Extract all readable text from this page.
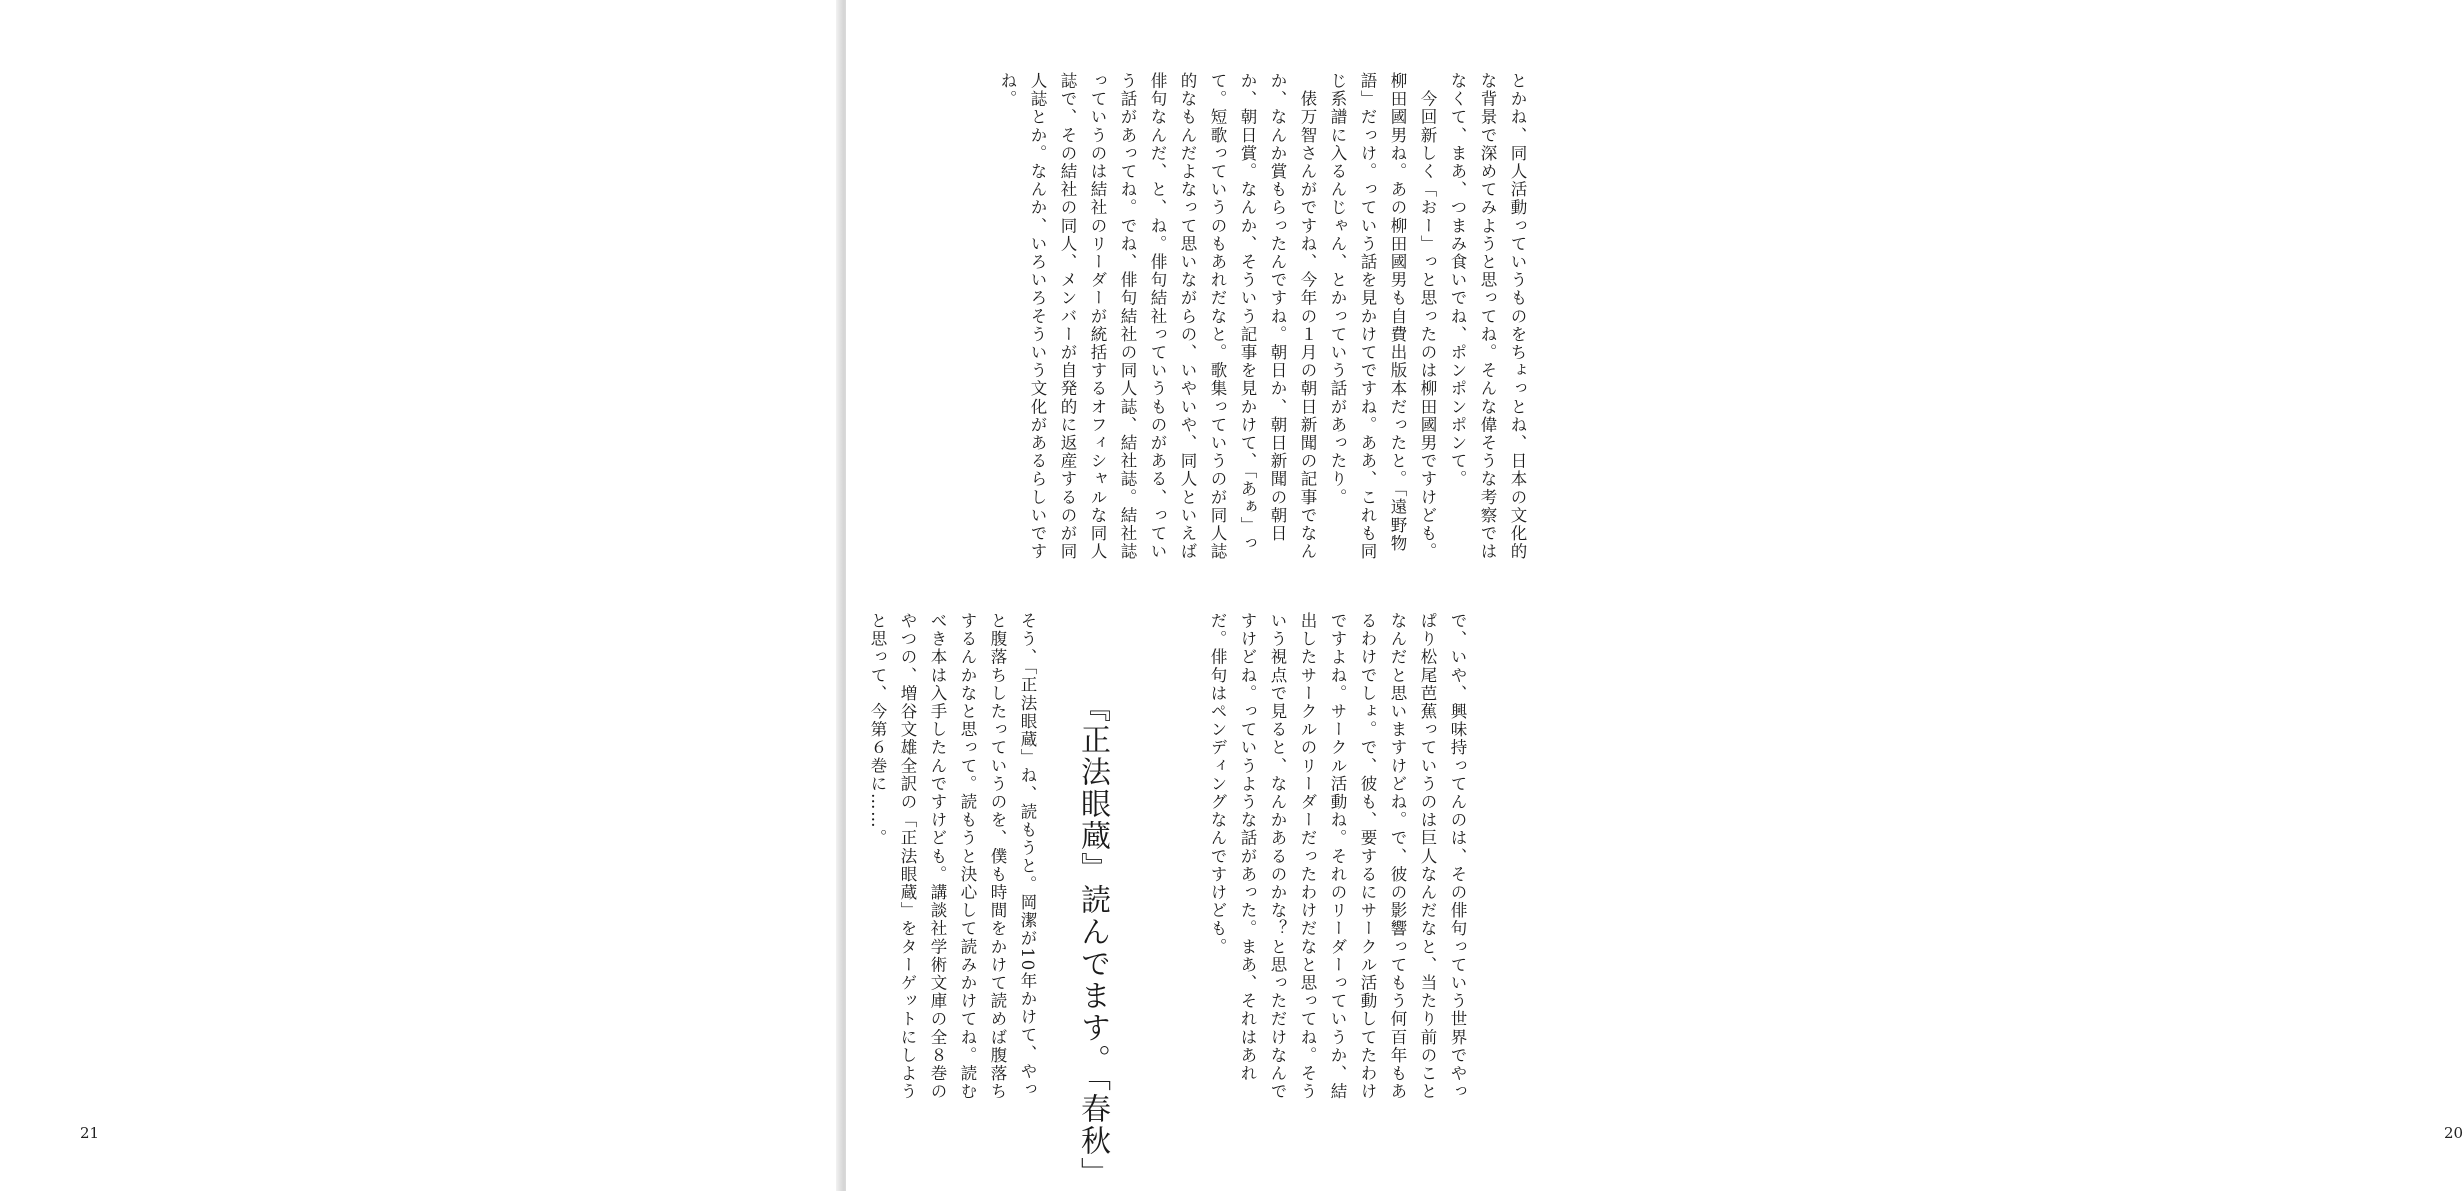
21
とかね、同人活動っていうものをちょっとね、日本の文化的な背景で深めてみようと思ってね。そんな偉そうな考察ではなくて、まあ、つまみ食いでね、ポンポンポンて。
　今回新しく「おー」っと思ったのは柳田國男ですけども。柳田國男ね。あの柳田國男も自費出版本だったと。「遠野物語」だっけ。っていう話を見かけてですね。ああ、これも同じ系譜に入るんじゃん、とかっていう話があったり。
　俵万智さんがですね、今年の１月の朝日新聞の記事でなんか、なんか賞もらったんですね。朝日か、朝日新聞の朝日か、朝日賞。なんか、そういう記事を見かけて、「あぁ」って。短歌っていうのもあれだなと。歌集っていうのが同人誌的なもんだよなって思いながらの、いやいや、同人といえば俳句なんだ、と、ね。俳句結社っていうものがある、っていう話があってね。でね、俳句結社の同人誌、結社誌。結社誌っていうのは結社のリーダーが統括するオフィシャルな同人誌で、その結社の同人、メンバーが自発的に返産するのが同人誌とか。なんか、いろいろそういう文化があるらしいですね。

で、いや、興味持ってんのは、その俳句っていう世界でやっぱり松尾芭蕉っていうのは巨人なんだなと、当たり前のことなんだと思いますけどね。で、彼の影響ってもう何百年もあるわけでしょ。で、彼も、要するにサークル活動してたわけですよね。サークル活動ね。それのリーダーっていうか、結出したサークルのリーダーだったわけだなと思ってね。そういう視点で見ると、なんかあるのかな？と思っただけなんですけどね。っていうような話があった。まあ、それはあれだ。俳句はペンディングなんですけども。

『正法眼蔵』読んでます。「春秋」
そう、「正法眼蔵」ね、読もうと。岡潔が10年かけて、やっと腹落ちしたっていうのを、僕も時間をかけて読めば腹落ちするんかなと思って。読もうと決心して読みかけてね。読むべき本は入手したんですけども。講談社学術文庫の全８巻のやつの、増谷文雄全訳の「正法眼蔵」をターゲットにしようと思って、今第６巻に……。
20
